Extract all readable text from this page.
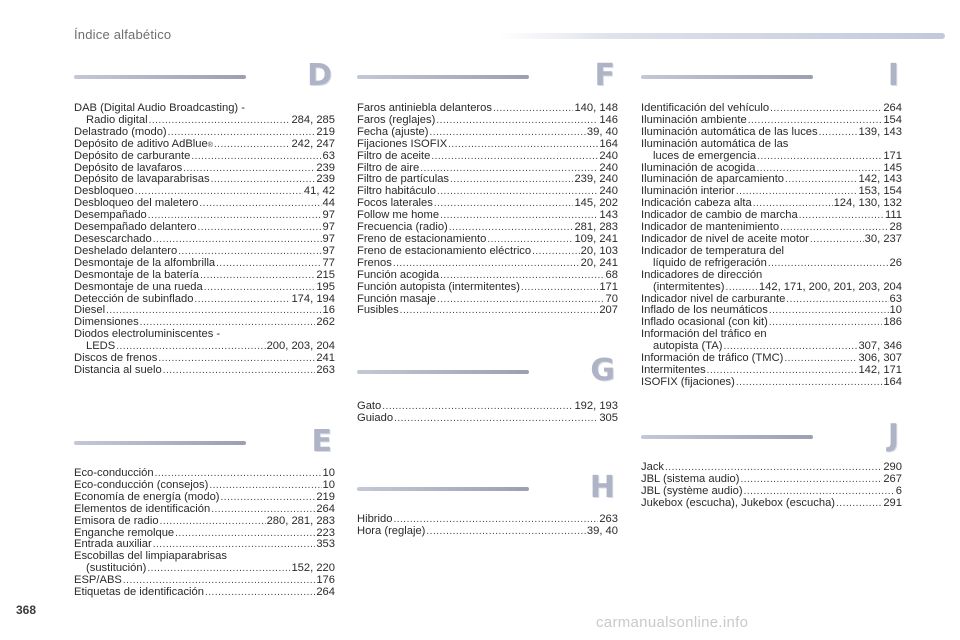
Índice alfabético
D
DAB (Digital Audio Broadcasting) -
Radio digital .....	284, 285
Delastrado (modo) .....	219
Depósito de aditivo AdBlue ® .....	242, 247
Depósito de carburante .....	63
Depósito de lavafaros .....	239
Depósito de lavaparabrisas .....	239
Desbloqueo .....	41, 42
Desbloqueo del maletero .....	44
Desempañado .....	97
Desempañado delantero .....	97
Desescarchado .....	97
Deshelado delantero .....	97
Desmontaje de la alfombrilla .....	77
Desmontaje de la batería .....	215
Desmontaje de una rueda .....	195
Detección de subinflado .....	174, 194
Diesel .....	16
Dimensiones .....	262
Diodos electroluminiscentes -
LEDS .....	200, 203, 204
Discos de frenos .....	241
Distancia al suelo .....	263
E
Eco-conducción .....	10
Eco-conducción (consejos) .....	10
Economía de energía (modo) .....	219
Elementos de identificación .....	264
Emisora de radio .....	280, 281, 283
Enganche remolque .....	223
Entrada auxiliar .....	353
Escobillas del limpiaparabrisas
(sustitución) .....	152, 220
ESP/ABS .....	176
Etiquetas de identificación .....	264
F
Faros antiniebla delanteros .....	140, 148
Faros (reglajes) .....	146
Fecha (ajuste) .....	39, 40
Fijaciones ISOFIX .....	164
Filtro de aceite .....	240
Filtro de aire .....	240
Filtro de partículas .....	239, 240
Filtro habitáculo .....	240
Focos laterales .....	145, 202
Follow me home .....	143
Frecuencia (radio) .....	281, 283
Freno de estacionamiento .....	109, 241
Freno de estacionamiento eléctrico .....	20, 103
Frenos .....	20, 241
Función acogida .....	68
Función autopista (intermitentes) .....	171
Función masaje .....	70
Fusibles .....	207
G
Gato .....	192, 193
Guiado .....	305
H
Hibrido .....	263
Hora (reglaje) .....	39, 40
I
Identificación del vehículo .....	264
Iluminación ambiente .....	154
Iluminación automática de las luces .....	139, 143
Iluminación automática de las
luces de emergencia .....	171
Iluminación de acogida .....	145
Iluminación de aparcamiento .....	142, 143
Iluminación interior .....	153, 154
Indicación cabeza alta .....	124, 130, 132
Indicador de cambio de marcha .....	111
Indicador de mantenimiento .....	28
Indicador de nivel de aceite motor .....	30, 237
Indicador de temperatura del
líquido de refrigeración .....	26
Indicadores de dirección
(intermitentes) .....	142, 171, 200, 201, 203, 204
Indicador nivel de carburante .....	63
Inflado de los neumáticos .....	10
Inflado ocasional (con kit) .....	186
Información del tráfico en
autopista (TA) .....	307, 346
Información de tráfico (TMC) .....	306, 307
Intermitentes .....	142, 171
ISOFIX (fijaciones) .....	164
J
Jack .....	290
JBL (sistema audio) .....	267
JBL (système audio) .....	6
Jukebox (escucha), Jukebox (escucha) .....	291
368
carmanualsonline.info
